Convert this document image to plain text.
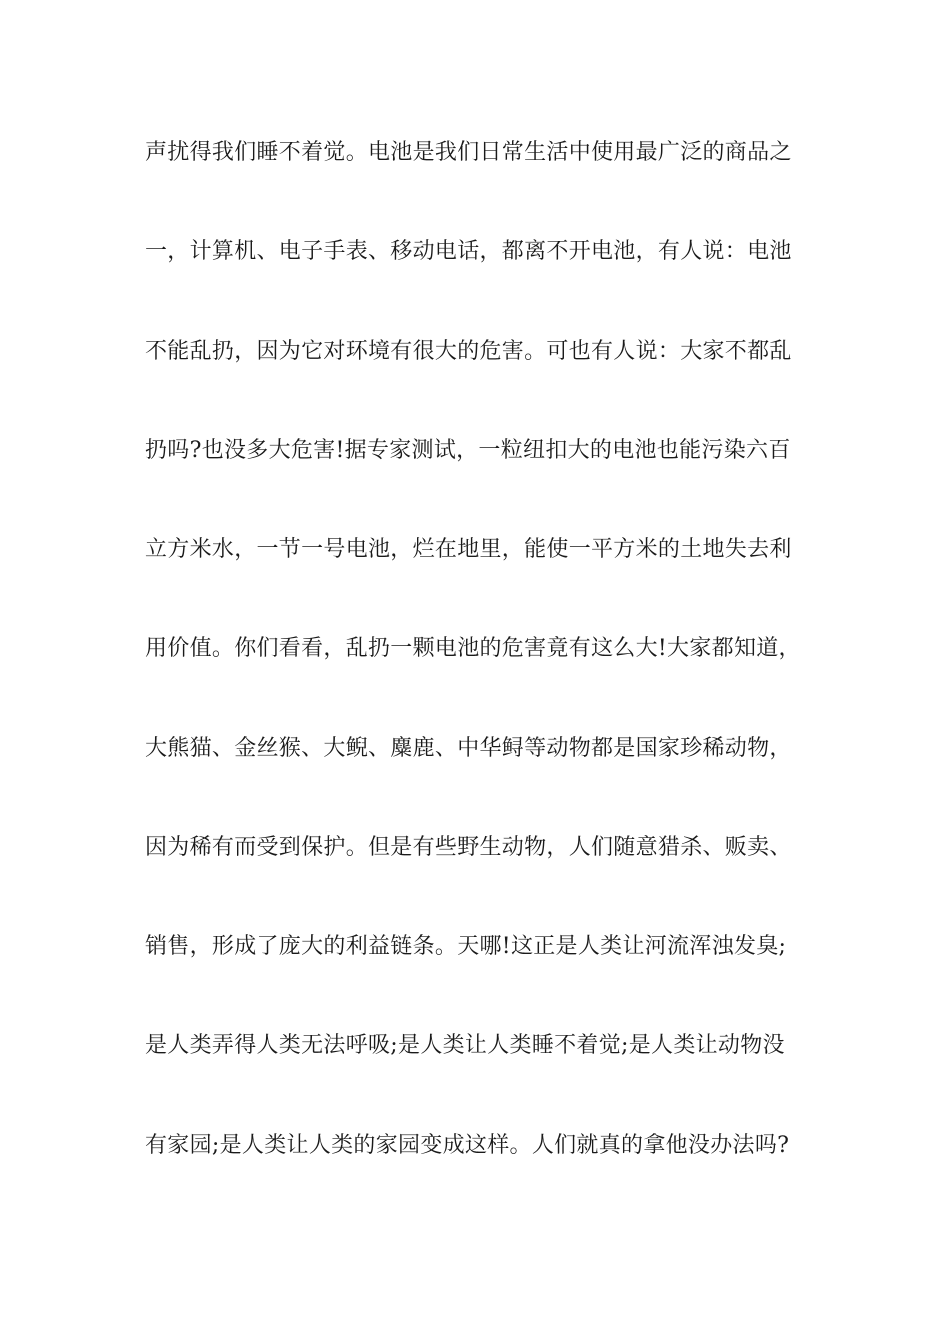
声扰得我们睡不着觉。电池是我们日常生活中使用最广泛的商品之

一，计算机、电子手表、移动电话，都离不开电池，有人说：电池

不能乱扔，因为它对环境有很大的危害。可也有人说：大家不都乱

扔吗?也没多大危害!据专家测试，一粒纽扣大的电池也能污染六百

立方米水，一节一号电池，烂在地里，能使一平方米的土地失去利

用价值。你们看看，乱扔一颗电池的危害竟有这么大!大家都知道，

大熊猫、金丝猴、大鲵、麋鹿、中华鲟等动物都是国家珍稀动物，

因为稀有而受到保护。但是有些野生动物，人们随意猎杀、贩卖、

销售，形成了庞大的利益链条。天哪!这正是人类让河流浑浊发臭;

是人类弄得人类无法呼吸;是人类让人类睡不着觉;是人类让动物没

有家园;是人类让人类的家园变成这样。人们就真的拿他没办法吗?
